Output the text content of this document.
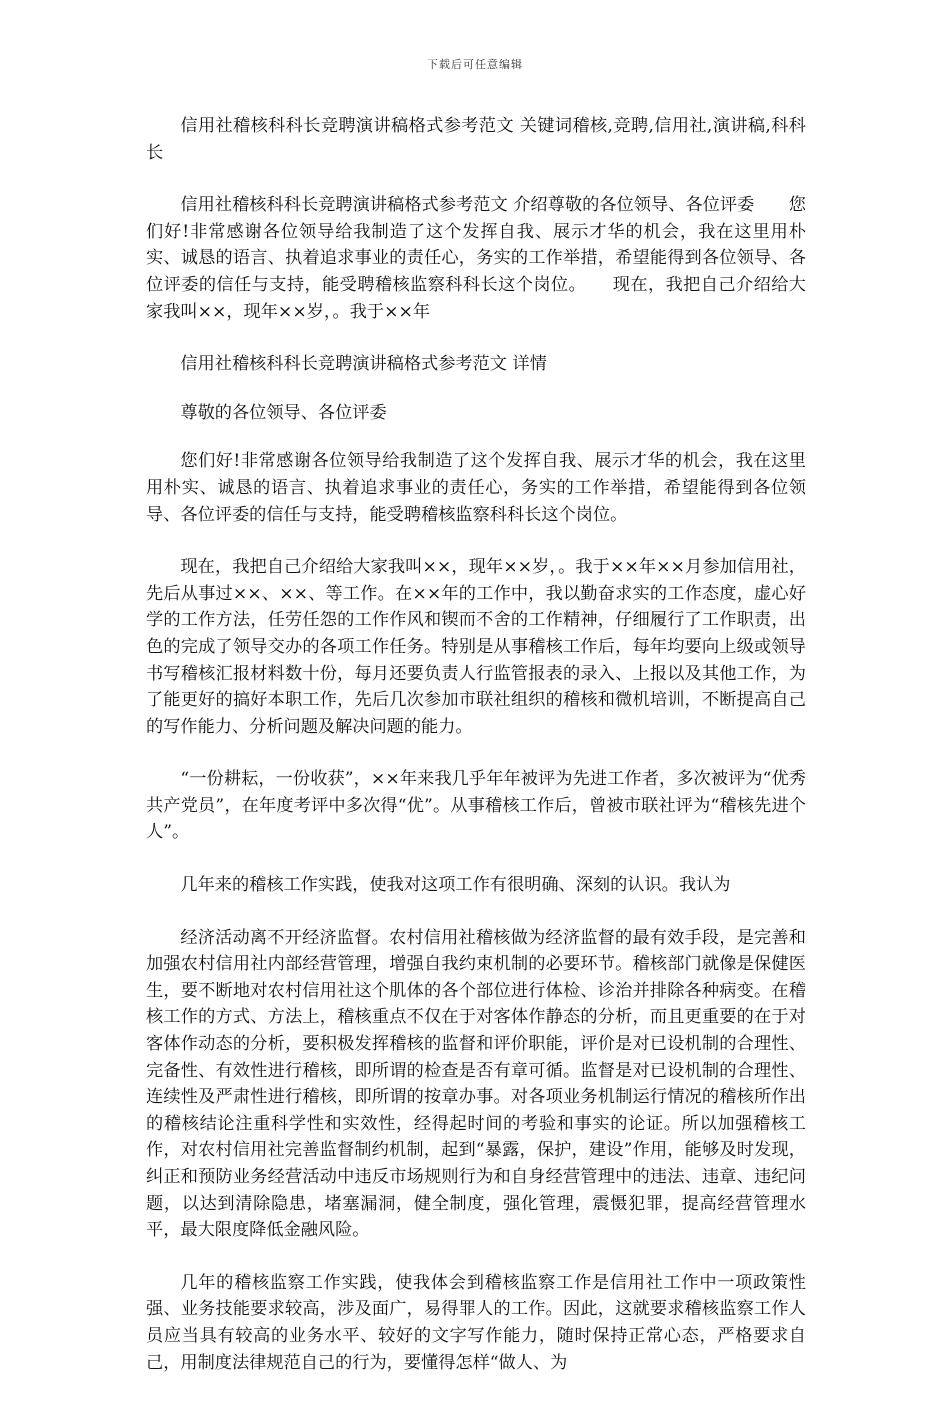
下载后可任意编辑

信用社稽核科科长竞聘演讲稿格式参考范文 关键词稽核,竞聘,信用社,演讲稿,科科长

信用社稽核科科长竞聘演讲稿格式参考范文 介绍尊敬的各位领导、各位评委　　您们好!非常感谢各位领导给我制造了这个发挥自我、展示才华的机会，我在这里用朴实、诚恳的语言、执着追求事业的责任心，务实的工作举措，希望能得到各位领导、各位评委的信任与支持，能受聘稽核监察科科长这个岗位。　　现在，我把自己介绍给大家我叫××，现年××岁，。我于××年

信用社稽核科科长竞聘演讲稿格式参考范文 详情

尊敬的各位领导、各位评委

您们好!非常感谢各位领导给我制造了这个发挥自我、展示才华的机会，我在这里用朴实、诚恳的语言、执着追求事业的责任心，务实的工作举措，希望能得到各位领导、各位评委的信任与支持，能受聘稽核监察科科长这个岗位。

现在，我把自己介绍给大家我叫××，现年××岁，。我于××年××月参加信用社，先后从事过××、××、等工作。在××年的工作中，我以勤奋求实的工作态度，虚心好学的工作方法，任劳任怨的工作作风和锲而不舍的工作精神，仔细履行了工作职责，出色的完成了领导交办的各项工作任务。特别是从事稽核工作后，每年均要向上级或领导书写稽核汇报材料数十份，每月还要负责人行监管报表的录入、上报以及其他工作，为了能更好的搞好本职工作，先后几次参加市联社组织的稽核和微机培训，不断提高自己的写作能力、分析问题及解决问题的能力。

“一份耕耘，一份收获”，××年来我几乎年年被评为先进工作者，多次被评为“优秀共产党员”，在年度考评中多次得“优”。从事稽核工作后，曾被市联社评为“稽核先进个人”。

几年来的稽核工作实践，使我对这项工作有很明确、深刻的认识。我认为

经济活动离不开经济监督。农村信用社稽核做为经济监督的最有效手段，是完善和加强农村信用社内部经营管理，增强自我约束机制的必要环节。稽核部门就像是保健医生，要不断地对农村信用社这个肌体的各个部位进行体检、诊治并排除各种病变。在稽核工作的方式、方法上，稽核重点不仅在于对客体作静态的分析，而且更重要的在于对客体作动态的分析，要积极发挥稽核的监督和评价职能，评价是对已设机制的合理性、完备性、有效性进行稽核，即所谓的检查是否有章可循。监督是对已设机制的合理性、连续性及严肃性进行稽核，即所谓的按章办事。对各项业务机制运行情况的稽核所作出的稽核结论注重科学性和实效性，经得起时间的考验和事实的论证。所以加强稽核工作，对农村信用社完善监督制约机制，起到“暴露，保护，建设”作用，能够及时发现，纠正和预防业务经营活动中违反市场规则行为和自身经营管理中的违法、违章、违纪问题，以达到清除隐患，堵塞漏洞，健全制度，强化管理，震慑犯罪，提高经营管理水平，最大限度降低金融风险。

几年的稽核监察工作实践，使我体会到稽核监察工作是信用社工作中一项政策性强、业务技能要求较高，涉及面广，易得罪人的工作。因此，这就要求稽核监察工作人员应当具有较高的业务水平、较好的文字写作能力，随时保持正常心态，严格要求自己，用制度法律规范自己的行为，要懂得怎样“做人、为
